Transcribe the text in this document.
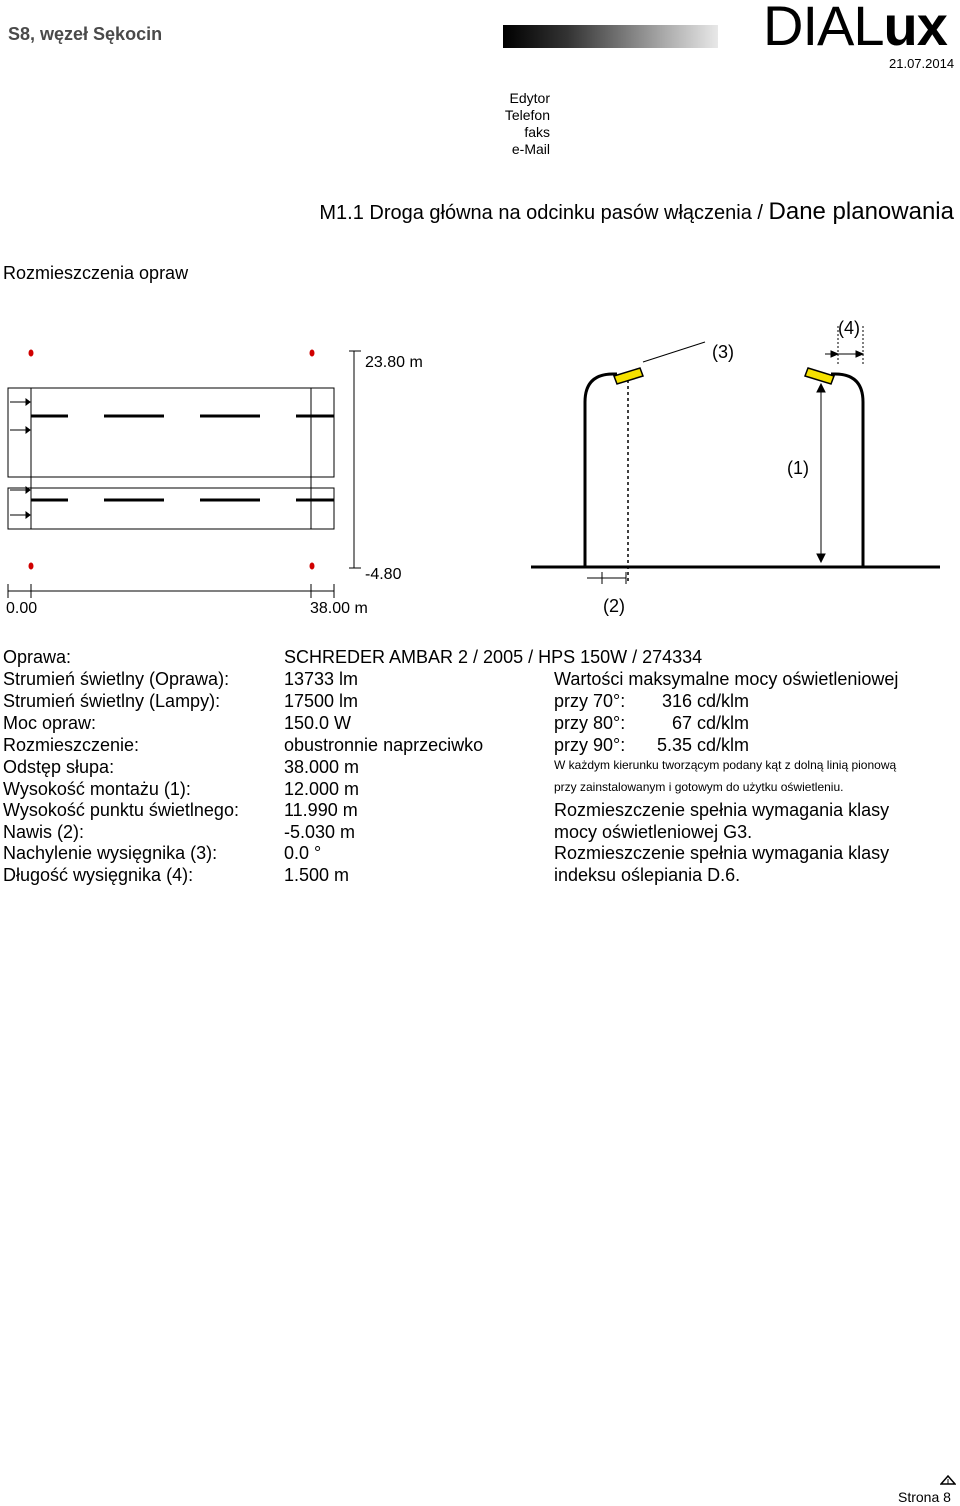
S8, węzeł Sękocin	DIALux
21.07.2014
Edytor
Telefon
faks
e-Mail
M1.1 Droga główna na odcinku pasów włączenia / Dane planowania
Rozmieszczenia opraw
23.80 m
-4.80
0.00	38.00 m
(1)
(2)
(3)
(4)
Oprawa:	SCHREDER AMBAR 2 / 2005 / HPS 150W / 274334
Strumień świetlny (Oprawa):	13733 lm
Strumień świetlny (Lampy):	17500 lm
Moc opraw:	150.0 W
Rozmieszczenie:	obustronnie naprzeciwko
Odstęp słupa:	38.000 m
Wysokość montażu (1):	12.000 m
Wysokość punktu świetlnego:	11.990 m
Nawis (2):	-5.030 m
Nachylenie wysięgnika (3):	0.0 °
Długość wysięgnika (4):	1.500 m
Wartości maksymalne mocy oświetleniowej
przy 70°: 316 cd/klm
przy 80°:	67 cd/klm
przy 90°: 5.35 cd/klm
W każdym kierunku tworzącym podany kąt z dolną linią pionową
przy zainstalowanym i gotowym do użytku oświetleniu.
Rozmieszczenie spełnia wymagania klasy
mocy oświetleniowej G3.
Rozmieszczenie spełnia wymagania klasy
indeksu oślepiania D.6.
Strona 8
